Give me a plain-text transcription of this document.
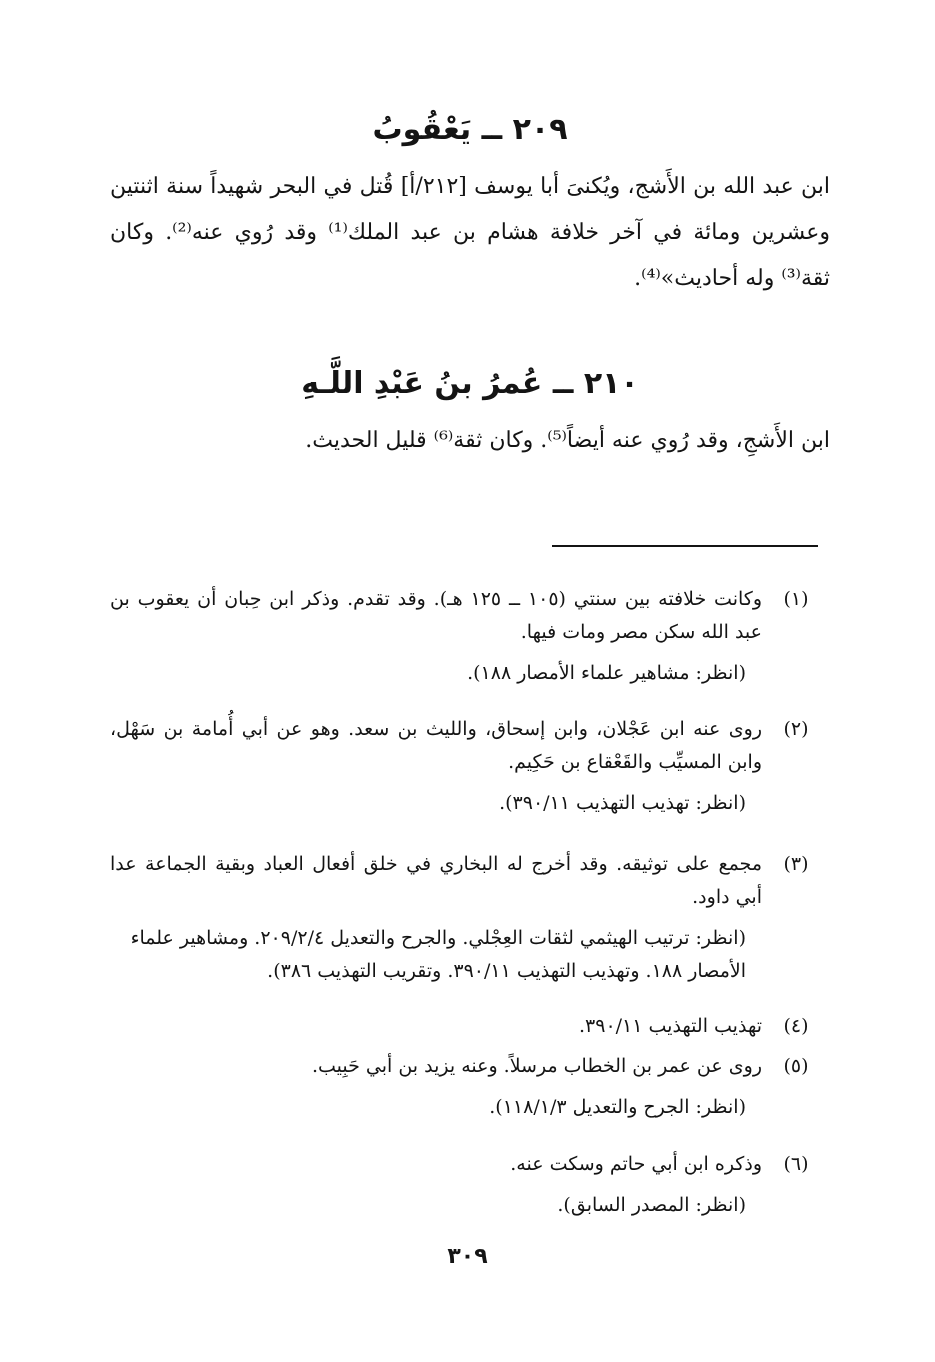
٢٠٩ ــ يَعْقُوبُ
ابن عبد الله بن الأَشج، ويُكنىَ أبا يوسف [٢١٢/أ] قُتل في البحر شهيداً سنة اثنتين وعشرين ومائة في آخر خلافة هشام بن عبد الملك⁽¹⁾ وقد رُوي عنه⁽²⁾. وكان ثقة⁽³⁾ وله أحاديث»⁽⁴⁾.
٢١٠ ــ عُمرُ بنُ عَبْدِ اللَّـهِ
ابن الأَشجِ، وقد رُوي عنه أيضاً⁽⁵⁾. وكان ثقة⁽⁶⁾ قليل الحديث.
(١)
وكانت خلافته بين سنتي (١٠٥ ــ ١٢٥ هـ). وقد تقدم. وذكر ابن حِبان أن يعقوب بن عبد الله سكن مصر ومات فيها.
(انظر: مشاهير علماء الأمصار ١٨٨).
(٢)
روى عنه ابن عَجْلان، وابن إسحاق، والليث بن سعد. وهو عن أبي أُمامة بن سَهْل، وابن المسيِّب والقَعْقاع بن حَكِيم.
(انظر: تهذيب التهذيب ٣٩٠/١١).
(٣)
مجمع على توثيقه. وقد أخرج له البخاري في خلق أفعال العباد وبقية الجماعة عدا أبي داود.
(انظر: ترتيب الهيثمي لثقات العِجْلي. والجرح والتعديل ٢٠٩/٢/٤. ومشاهير علماء الأمصار ١٨٨. وتهذيب التهذيب ٣٩٠/١١. وتقريب التهذيب ٣٨٦).
(٤)
تهذيب التهذيب ٣٩٠/١١.
(٥)
روى عن عمر بن الخطاب مرسلاً. وعنه يزيد بن أبي حَبِيب.
(انظر: الجرح والتعديل ١١٨/١/٣).
(٦)
وذكره ابن أبي حاتم وسكت عنه.
(انظر: المصدر السابق).
٣٠٩
